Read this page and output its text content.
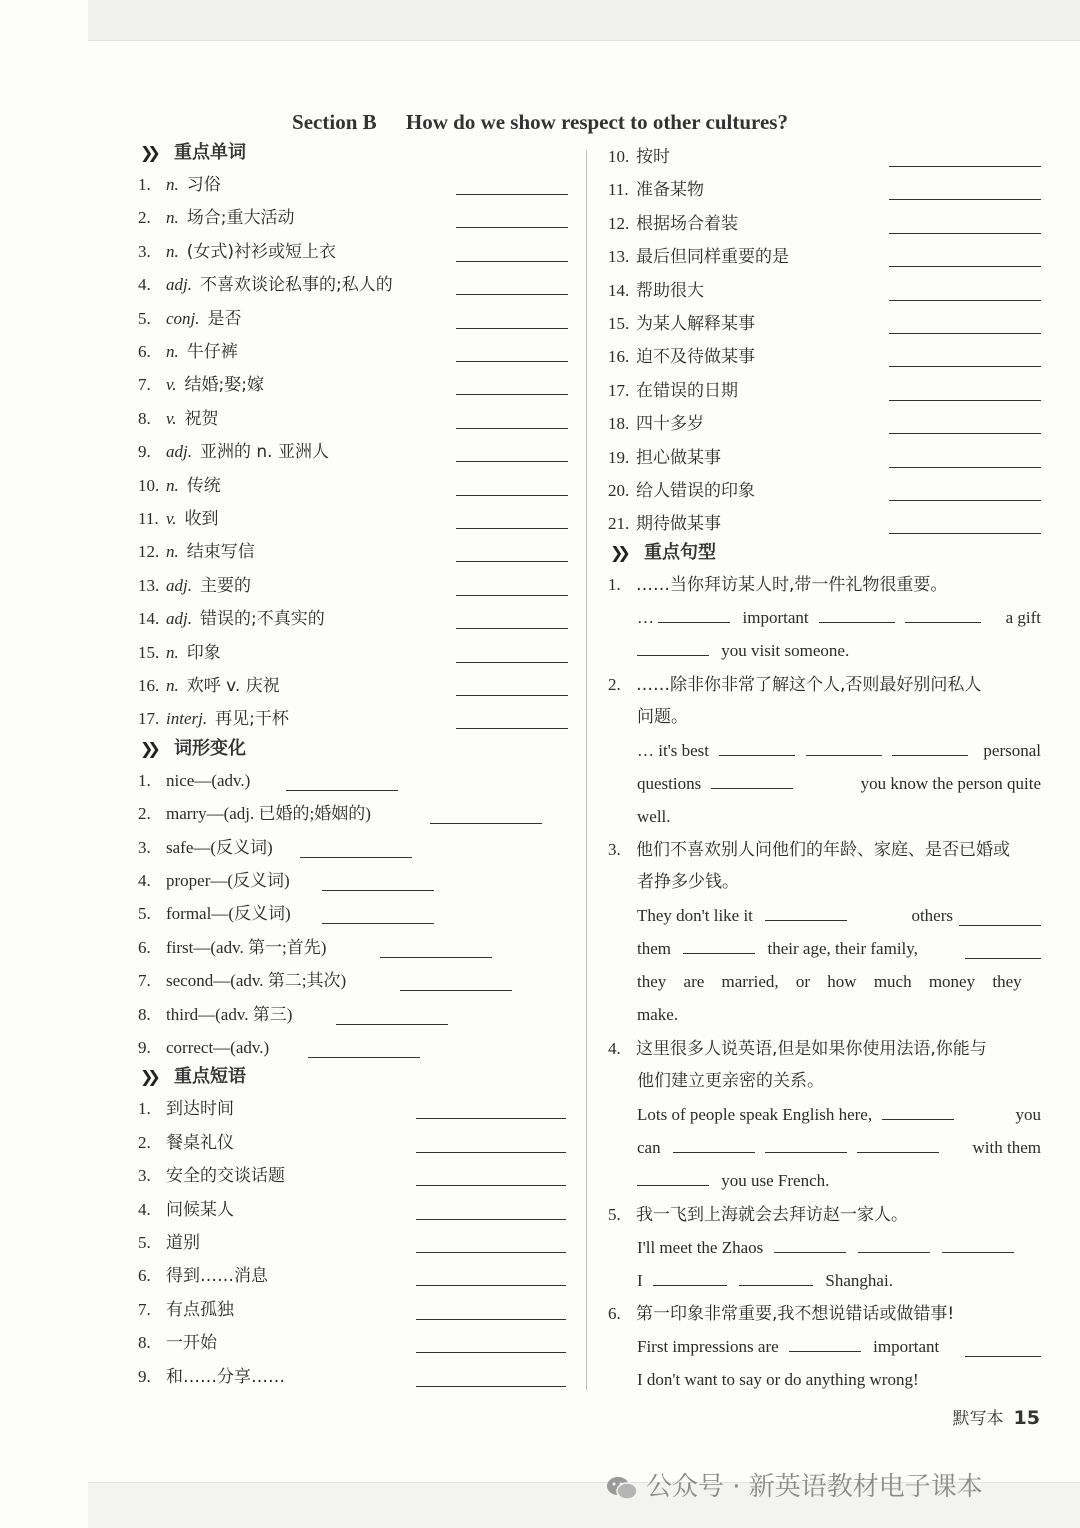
Section B How do we show respect to other cultures?
❯❯ 重点单词
1. n. 习俗
2. n. 场合;重大活动
3. n. (女式)衬衫或短上衣
4. adj. 不喜欢谈论私事的;私人的
5. conj. 是否
6. n. 牛仔裤
7. v. 结婚;娶;嫁
8. v. 祝贺
9. adj. 亚洲的 n. 亚洲人
10. n. 传统
11. v. 收到
12. n. 结束写信
13. adj. 主要的
14. adj. 错误的;不真实的
15. n. 印象
16. n. 欢呼 v. 庆祝
17. interj. 再见;干杯
❯❯ 词形变化
1. nice—(adv.)
2. marry—(adj. 已婚的;婚姻的)
3. safe—(反义词)
4. proper—(反义词)
5. formal—(反义词)
6. first—(adv. 第一;首先)
7. second—(adv. 第二;其次)
8. third—(adv. 第三)
9. correct—(adv.)
❯❯ 重点短语
1. 到达时间
2. 餐桌礼仪
3. 安全的交谈话题
4. 问候某人
5. 道别
6. 得到……消息
7. 有点孤独
8. 一开始
9. 和……分享……
10. 按时
11. 准备某物
12. 根据场合着装
13. 最后但同样重要的是
14. 帮助很大
15. 为某人解释某事
16. 迫不及待做某事
17. 在错误的日期
18. 四十多岁
19. 担心做某事
20. 给人错误的印象
21. 期待做某事
❯❯ 重点句型
1. ……当你拜访某人时,带一件礼物很重要。
…	important	a gift
you visit someone.
2. ……除非你非常了解这个人,否则最好别问私人
问题。
… it's best	personal
questions	you know the person quite
well.
3. 他们不喜欢别人问他们的年龄、家庭、是否已婚或
者挣多少钱。
They don't like it	others
them	their age, their family,
they are married, or how much money they
make.
4. 这里很多人说英语,但是如果你使用法语,你能与
他们建立更亲密的关系。
Lots of people speak English here,	you
can	with them
you use French.
5. 我一飞到上海就会去拜访赵一家人。
I'll meet the Zhaos
I	Shanghai.
6. 第一印象非常重要,我不想说错话或做错事!
First impressions are	important
I don't want to say or do anything wrong!
默写本 15
公众号 · 新英语教材电子课本
